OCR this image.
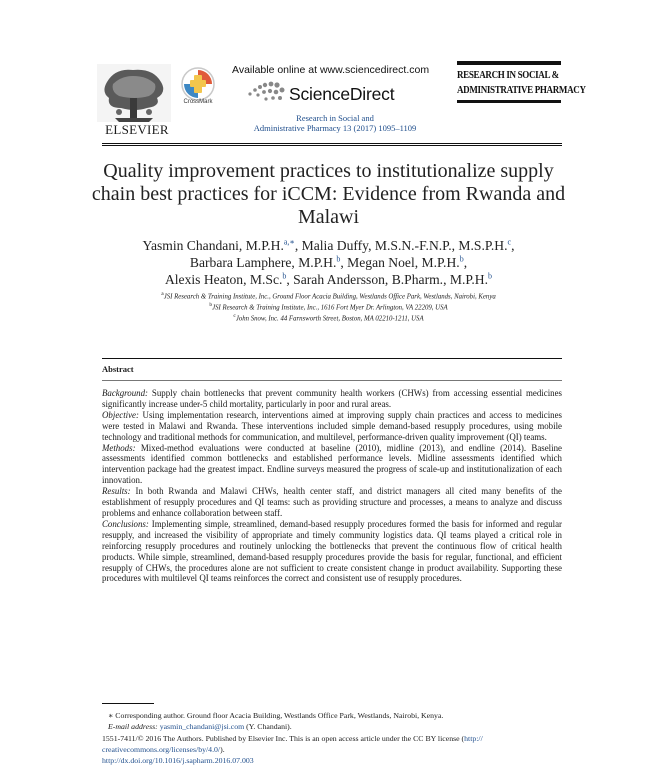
ELSEVIER
CrossMark
Available online at www.sciencedirect.com
ScienceDirect
Research in Social and
Administrative Pharmacy 13 (2017) 1095–1109
RESEARCH IN SOCIAL &
ADMINISTRATIVE PHARMACY
Quality improvement practices to institutionalize supply chain best practices for iCCM: Evidence from Rwanda and Malawi
Yasmin Chandani, M.P.H.$^{a,∗}$, Malia Duffy, M.S.N.-F.N.P., M.S.P.H.$^c$,
Barbara Lamphere, M.P.H.$^b$, Megan Noel, M.P.H.$^b$,
Alexis Heaton, M.Sc.$^b$, Sarah Andersson, B.Pharm., M.P.H.$^b$
$^a$JSI Research & Training Institute, Inc., Ground Floor Acacia Building, Westlands Office Park, Westlands, Nairobi, Kenya
$^b$JSI Research & Training Institute, Inc., 1616 Fort Myer Dr. Arlington, VA 22209, USA
$^c$John Snow, Inc. 44 Farnsworth Street, Boston, MA 02210-1211, USA
Abstract

Background: Supply chain bottlenecks that prevent community health workers (CHWs) from accessing essential medicines significantly increase under-5 child mortality, particularly in poor and rural areas.

Objective: Using implementation research, interventions aimed at improving supply chain practices and access to medicines were tested in Malawi and Rwanda. These interventions included simple demand-based resupply procedures, using mobile technology and traditional methods for communication, and multilevel, performance-driven quality improvement (QI) teams.

Methods: Mixed-method evaluations were conducted at baseline (2010), midline (2013), and endline (2014). Baseline assessments identified common bottlenecks and established performance levels. Midline assessments identified which intervention package had the greatest impact. Endline surveys measured the progress of scale-up and institutionalization of each innovation.

Results: In both Rwanda and Malawi CHWs, health center staff, and district managers all cited many benefits of the establishment of resupply procedures and QI teams: such as providing structure and processes, a means to analyze and discuss problems and enhance collaboration between staff.

Conclusions: Implementing simple, streamlined, demand-based resupply procedures formed the basis for informed and regular resupply, and increased the visibility of appropriate and timely community logistics data. QI teams played a critical role in reinforcing resupply procedures and routinely unlocking the bottlenecks that prevent the continuous flow of critical health products. While simple, streamlined, demand-based resupply procedures provide the basis for regular, functional, and efficient resupply of CHWs, the procedures alone are not sufficient to create consistent change in product availability. Supporting these procedures with multilevel QI teams reinforces the correct and consistent use of resupply procedures.

∗ Corresponding author. Ground floor Acacia Building, Westlands Office Park, Westlands, Nairobi, Kenya.
E-mail address: yasmin_chandani@jsi.com (Y. Chandani).
1551-7411/© 2016 The Authors. Published by Elsevier Inc. This is an open access article under the CC BY license (http://
creativecommons.org/licenses/by/4.0/).
http://dx.doi.org/10.1016/j.sapharm.2016.07.003
